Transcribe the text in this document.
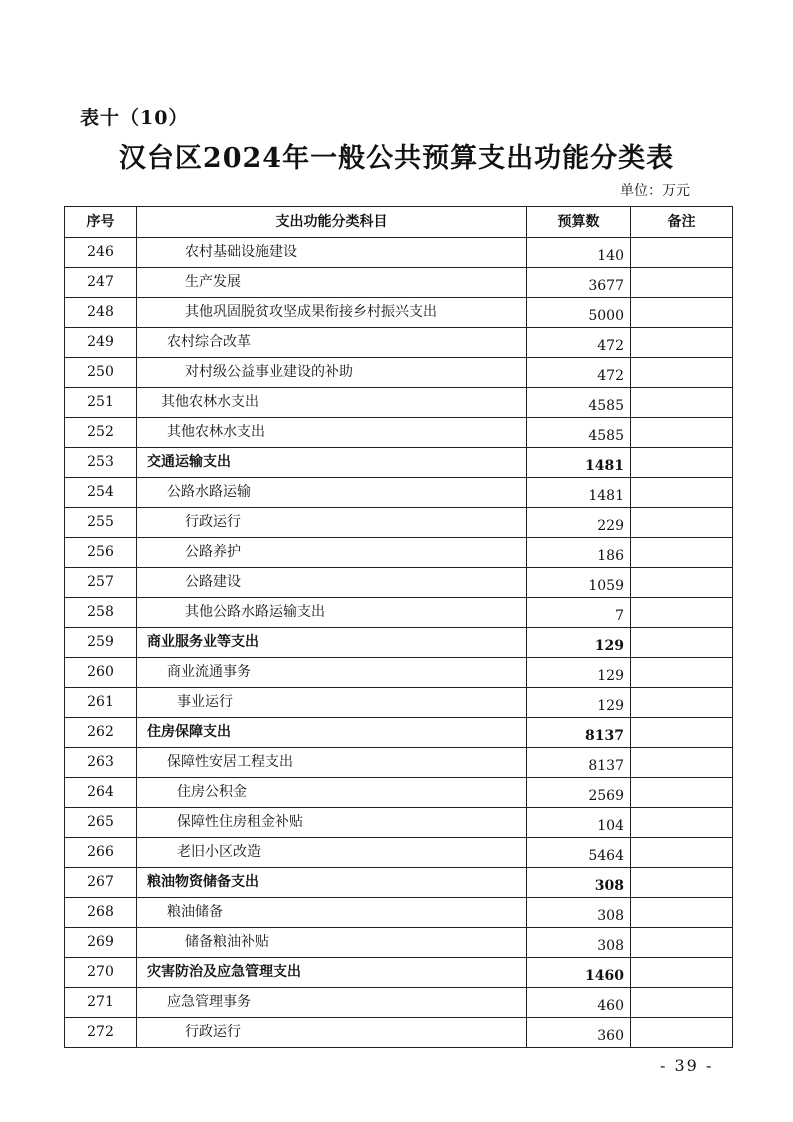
表十（10）
汉台区2024年一般公共预算支出功能分类表
单位：万元
序号	支出功能分类科目	预算数	备注
246	农村基础设施建设	140	
247	生产发展	3677	
248	其他巩固脱贫攻坚成果衔接乡村振兴支出	5000	
249	农村综合改革	472	
250	对村级公益事业建设的补助	472	
251	其他农林水支出	4585	
252	其他农林水支出	4585	
253	交通运输支出	1481	
254	公路水路运输	1481	
255	行政运行	229	
256	公路养护	186	
257	公路建设	1059	
258	其他公路水路运输支出	7	
259	商业服务业等支出	129	
260	商业流通事务	129	
261	事业运行	129	
262	住房保障支出	8137	
263	保障性安居工程支出	8137	
264	住房公积金	2569	
265	保障性住房租金补贴	104	
266	老旧小区改造	5464	
267	粮油物资储备支出	308	
268	粮油储备	308	
269	储备粮油补贴	308	
270	灾害防治及应急管理支出	1460	
271	应急管理事务	460	
272	行政运行	360	
- 39 -
